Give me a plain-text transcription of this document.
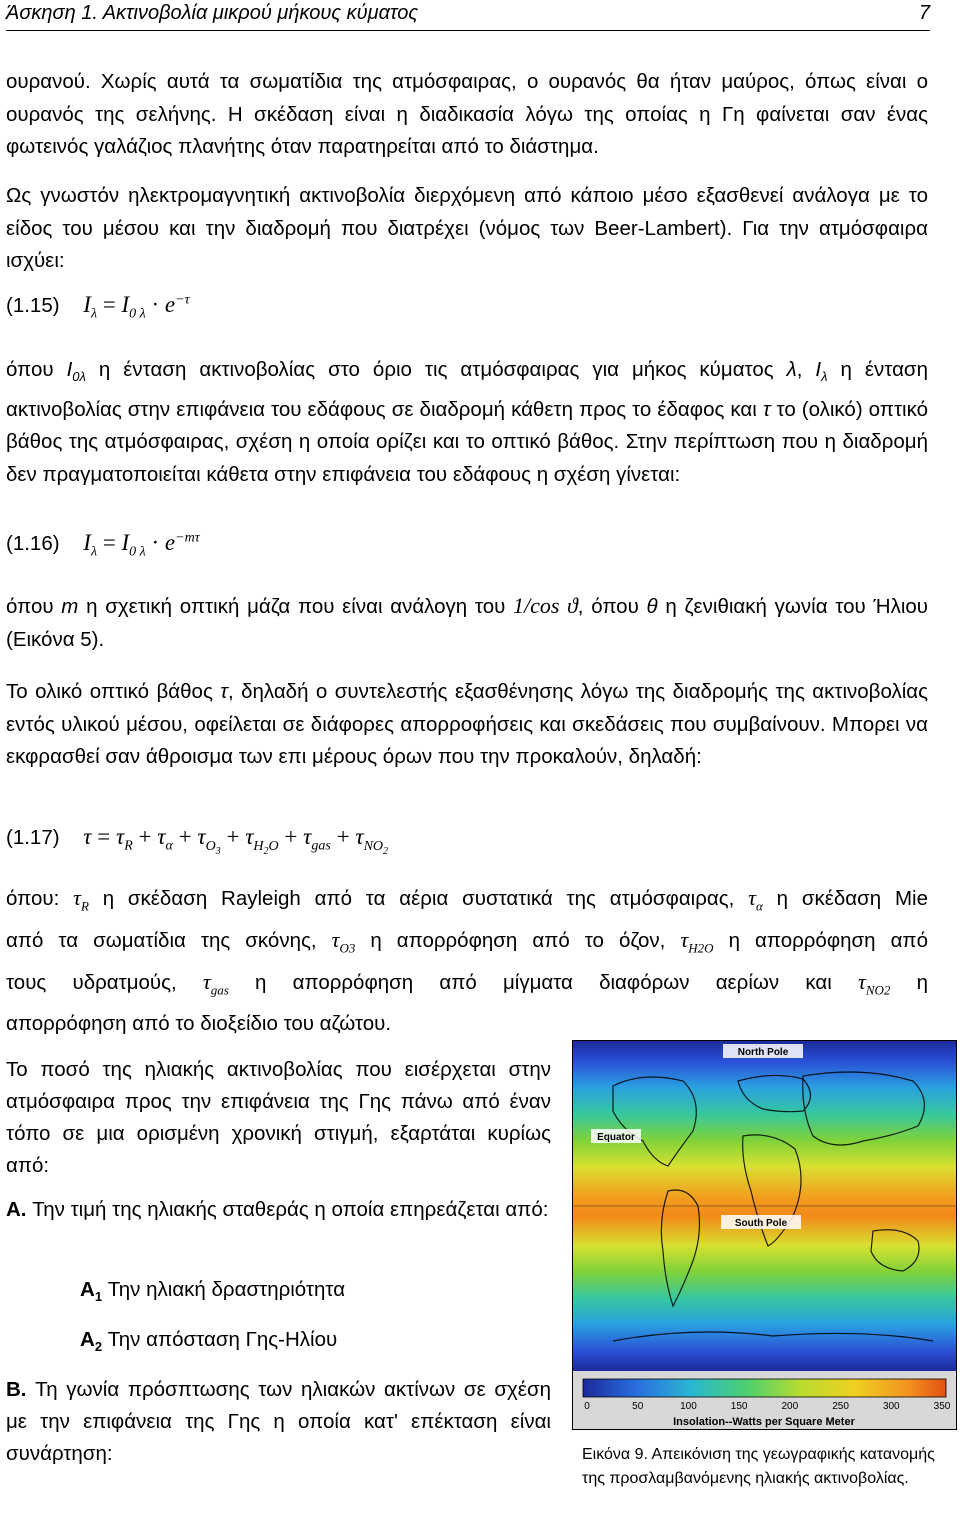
Άσκηση 1. Ακτινοβολία μικρού μήκους κύματος	7

ουρανού. Χωρίς αυτά τα σωματίδια της ατμόσφαιρας, ο ουρανός θα ήταν μαύρος, όπως είναι ο ουρανός της σελήνης. Η σκέδαση είναι η διαδικασία λόγω της οποίας η Γη φαίνεται σαν ένας φωτεινός γαλάζιος πλανήτης όταν παρατηρείται από το διάστημα.

Ως γνωστόν ηλεκτρομαγνητική ακτινοβολία διερχόμενη από κάποιο μέσο εξασθενεί ανάλογα με το είδος του μέσου και την διαδρομή που διατρέχει (νόμος των Beer-Lambert). Για την ατμόσφαιρα ισχύει:

(1.15) $I_\lambda = I_{0 \lambda} \cdot e^{-\tau}$

όπου $I_{0\lambda}$ η ένταση ακτινοβολίας στο όριο τις ατμόσφαιρας για μήκος κύματος λ, $I_\lambda$ η ένταση ακτινοβολίας στην επιφάνεια του εδάφους σε διαδρομή κάθετη προς το έδαφος και τ το (ολικό) οπτικό βάθος της ατμόσφαιρας, σχέση η οποία ορίζει και το οπτικό βάθος. Στην περίπτωση που η διαδρομή δεν πραγματοποιείται κάθετα στην επιφάνεια του εδάφους η σχέση γίνεται:

(1.16) $I_\lambda = I_{0 \lambda} \cdot e^{-m\tau}$

όπου m η σχετική οπτική μάζα που είναι ανάλογη του 1/cos ϑ, όπου θ η ζενιθιακή γωνία του Ήλιου (Εικόνα 5).

Το ολικό οπτικό βάθος τ, δηλαδή ο συντελεστής εξασθένησης λόγω της διαδρομής της ακτινοβολίας εντός υλικού μέσου, οφείλεται σε διάφορες απορροφήσεις και σκεδάσεις που συμβαίνουν. Μπορει να εκφρασθεί σαν άθροισμα των επι μέρους όρων που την προκαλούν, δηλαδή:

(1.17) $\tau = \tau_R + \tau_\alpha + \tau_{O_3} + \tau_{H_2O} + \tau_{gas} + \tau_{NO_2}$

όπου: $\tau_R$ η σκέδαση Rayleigh από τα αέρια συστατικά της ατμόσφαιρας, $\tau_\alpha$ η σκέδαση Mie

από τα σωματίδια της σκόνης, $\tau_{O3}$ η απορρόφηση από το όζον, $\tau_{H2O}$ η απορρόφηση από

τους υδρατμούς, $\tau_{gas}$ η απορρόφηση από μίγματα διαφόρων αερίων και $\tau_{NO2}$ η

απορρόφηση από το διοξείδιο του αζώτου.

Το ποσό της ηλιακής ακτινοβολίας που εισέρχεται στην ατμόσφαιρα προς την επιφάνεια της Γης πάνω από έναν τόπο σε μια ορισμένη χρονική στιγμή, εξαρτάται κυρίως από:
A. Την τιμή της ηλιακής σταθεράς η οποία επηρεάζεται από:
$A_1$ Την ηλιακή δραστηριότητα
$A_2$ Την απόσταση Γης-Ηλίου
B. Τη γωνία πρόσπτωσης των ηλιακών ακτίνων σε σχέση με την επιφάνεια της Γης η οποία κατ' επέκταση είναι συνάρτηση:
North Pole
Equator
South Pole
0	50	100	150	200	250	300	350
Insolation--Watts per Square Meter
Εικόνα 9. Απεικόνιση της γεωγραφικής κατανομής της προσλαμβανόμενης ηλιακής ακτινοβολίας.
